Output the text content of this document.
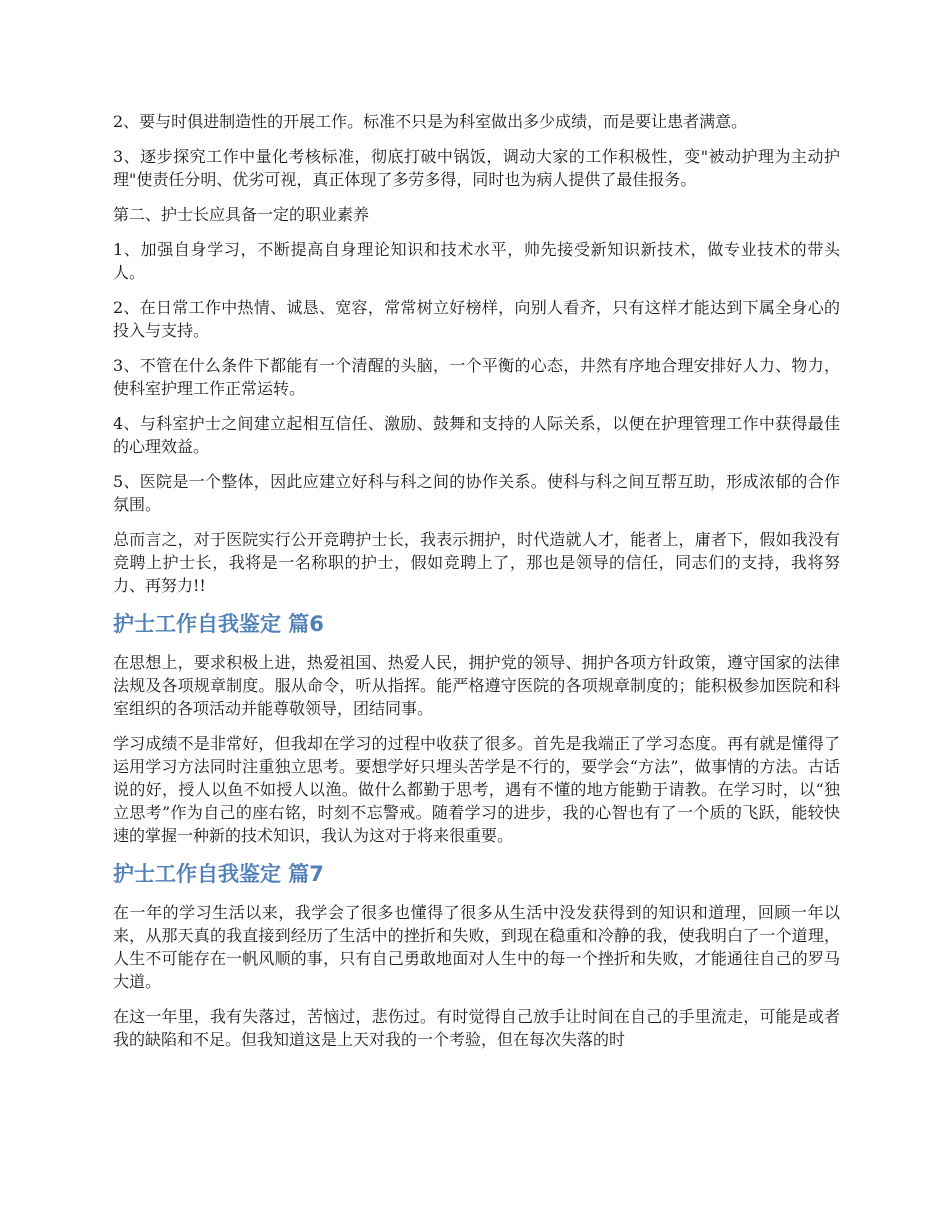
2、要与时俱进制造性的开展工作。标准不只是为科室做出多少成绩，而是要让患者满意。

3、逐步探究工作中量化考核标准，彻底打破中锅饭，调动大家的工作积极性，变"被动护理为主动护理"使责任分明、优劣可视，真正体现了多劳多得，同时也为病人提供了最佳报务。

第二、护士长应具备一定的职业素养

1、加强自身学习，不断提高自身理论知识和技术水平，帅先接受新知识新技术，做专业技术的带头人。

2、在日常工作中热情、诚恳、宽容，常常树立好榜样，向别人看齐，只有这样才能达到下属全身心的投入与支持。

3、不管在什么条件下都能有一个清醒的头脑，一个平衡的心态，井然有序地合理安排好人力、物力，使科室护理工作正常运转。

4、与科室护士之间建立起相互信任、激励、鼓舞和支持的人际关系，以便在护理管理工作中获得最佳的心理效益。

5、医院是一个整体，因此应建立好科与科之间的协作关系。使科与科之间互帮互助，形成浓郁的合作氛围。

总而言之，对于医院实行公开竞聘护士长，我表示拥护，时代造就人才，能者上，庸者下，假如我没有竞聘上护士长，我将是一名称职的护士，假如竞聘上了，那也是领导的信任，同志们的支持，我将努力、再努力!!

护士工作自我鉴定 篇6

在思想上，要求积极上进，热爱祖国、热爱人民，拥护党的领导、拥护各项方针政策，遵守国家的法律法规及各项规章制度。服从命令，听从指挥。能严格遵守医院的各项规章制度的；能积极参加医院和科室组织的各项活动并能尊敬领导，团结同事。

学习成绩不是非常好，但我却在学习的过程中收获了很多。首先是我端正了学习态度。再有就是懂得了运用学习方法同时注重独立思考。要想学好只埋头苦学是不行的，要学会“方法”，做事情的方法。古话说的好，授人以鱼不如授人以渔。做什么都勤于思考，遇有不懂的地方能勤于请教。在学习时，以“独立思考”作为自己的座右铭，时刻不忘警戒。随着学习的进步，我的心智也有了一个质的飞跃，能较快速的掌握一种新的技术知识，我认为这对于将来很重要。

护士工作自我鉴定 篇7

在一年的学习生活以来，我学会了很多也懂得了很多从生活中没发获得到的知识和道理，回顾一年以来，从那天真的我直接到经历了生活中的挫折和失败，到现在稳重和冷静的我，使我明白了一个道理，人生不可能存在一帆风顺的事，只有自己勇敢地面对人生中的每一个挫折和失败，才能通往自己的罗马大道。

在这一年里，我有失落过，苦恼过，悲伤过。有时觉得自己放手让时间在自己的手里流走，可能是或者我的缺陷和不足。但我知道这是上天对我的一个考验，但在每次失落的时
